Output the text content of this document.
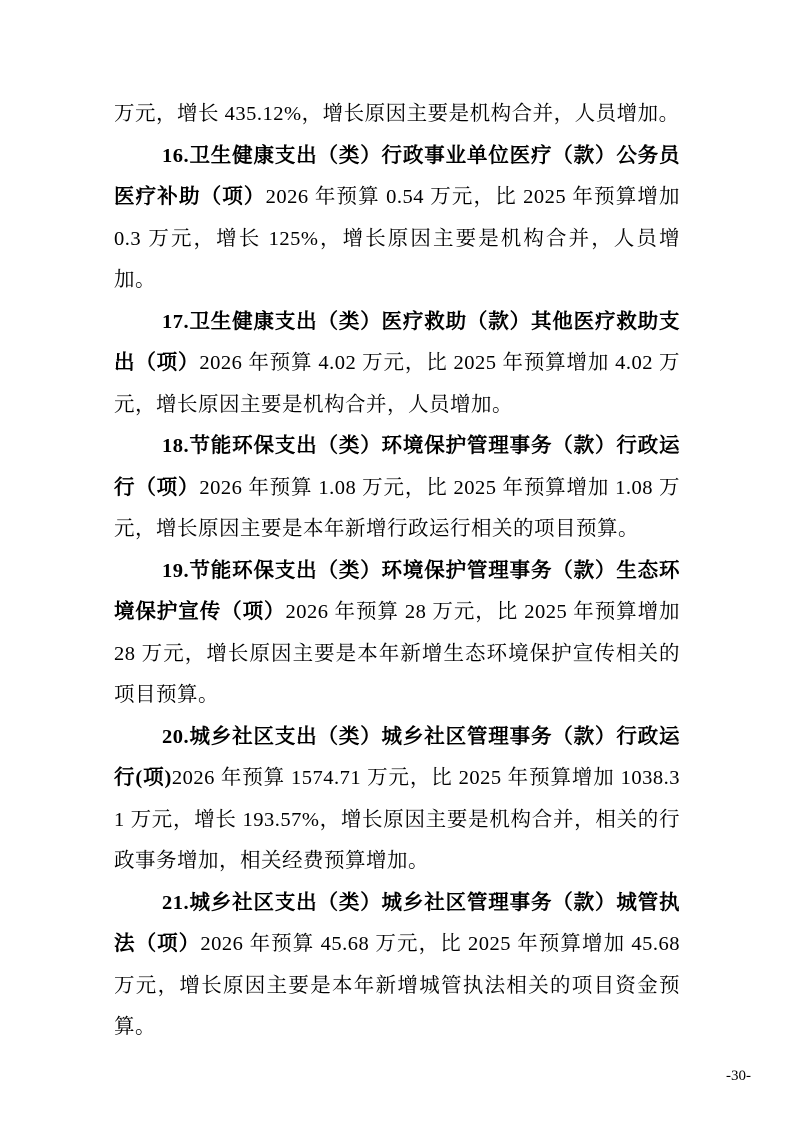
万元，增长 435.12%，增长原因主要是机构合并，人员增加。

16.卫生健康支出（类）行政事业单位医疗（款）公务员医疗补助（项）2026 年预算 0.54 万元，比 2025 年预算增加 0.3 万元，增长 125%，增长原因主要是机构合并，人员增加。

17.卫生健康支出（类）医疗救助（款）其他医疗救助支出（项）2026 年预算 4.02 万元，比 2025 年预算增加 4.02 万元，增长原因主要是机构合并，人员增加。

18.节能环保支出（类）环境保护管理事务（款）行政运行（项）2026 年预算 1.08 万元，比 2025 年预算增加 1.08 万元，增长原因主要是本年新增行政运行相关的项目预算。

19.节能环保支出（类）环境保护管理事务（款）生态环境保护宣传（项）2026 年预算 28 万元，比 2025 年预算增加 28 万元，增长原因主要是本年新增生态环境保护宣传相关的项目预算。

20.城乡社区支出（类）城乡社区管理事务（款）行政运行(项)2026 年预算 1574.71 万元，比 2025 年预算增加 1038.31 万元，增长 193.57%，增长原因主要是机构合并，相关的行政事务增加，相关经费预算增加。

21.城乡社区支出（类）城乡社区管理事务（款）城管执法（项）2026 年预算 45.68 万元，比 2025 年预算增加 45.68 万元，增长原因主要是本年新增城管执法相关的项目资金预算。

-30-
